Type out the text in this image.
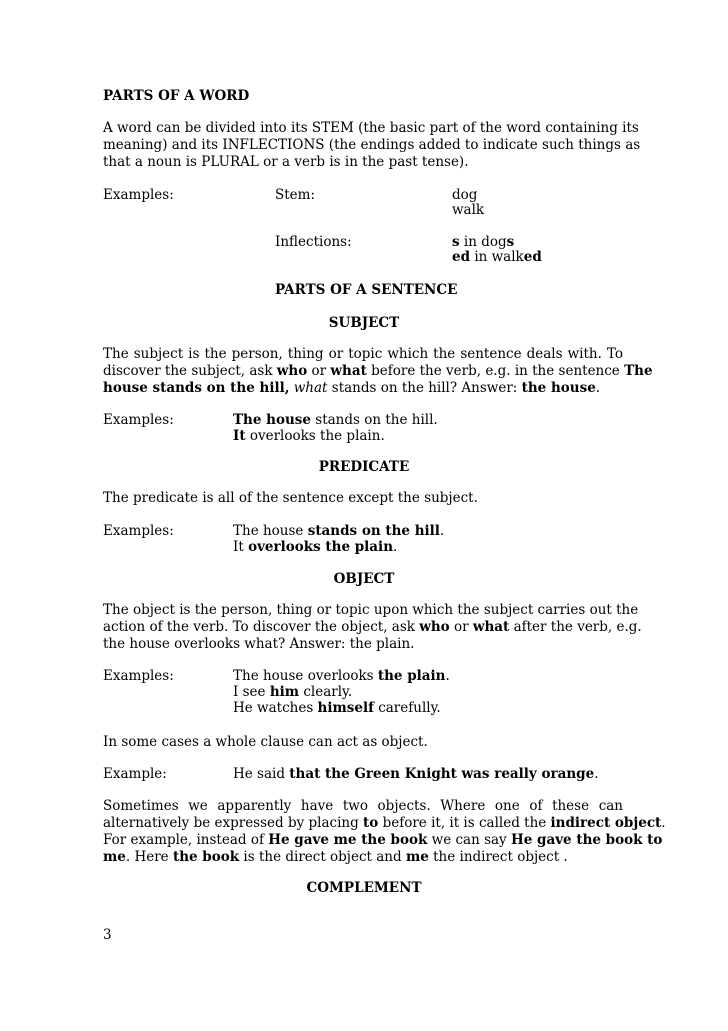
PARTS OF A WORD
A word can be divided into its STEM (the basic part of the word containing its
meaning) and its INFLECTIONS (the endings added to indicate such things as
that a noun is PLURAL or a verb is in the past tense).
Examples:	Stem:	dog
walk
Inflections:	s in dogs
ed in walked
PARTS OF A SENTENCE
SUBJECT
The subject is the person, thing or topic which the sentence deals with. To
discover the subject, ask who or what before the verb, e.g. in the sentence The
house stands on the hill, what stands on the hill? Answer: the house.
Examples:	The house stands on the hill.
It overlooks the plain.
PREDICATE
The predicate is all of the sentence except the subject.
Examples:	The house stands on the hill.
It overlooks the plain.
OBJECT
The object is the person, thing or topic upon which the subject carries out the
action of the verb. To discover the object, ask who or what after the verb, e.g.
the house overlooks what? Answer: the plain.
Examples:	The house overlooks the plain.
I see him clearly.
He watches himself carefully.
In some cases a whole clause can act as object.
Example:	He said that the Green Knight was really orange.
Sometimes we apparently have two objects. Where one of these can
alternatively be expressed by placing to before it, it is called the indirect object.
For example, instead of He gave me the book we can say He gave the book to
me. Here the book is the direct object and me the indirect object .
COMPLEMENT
3
